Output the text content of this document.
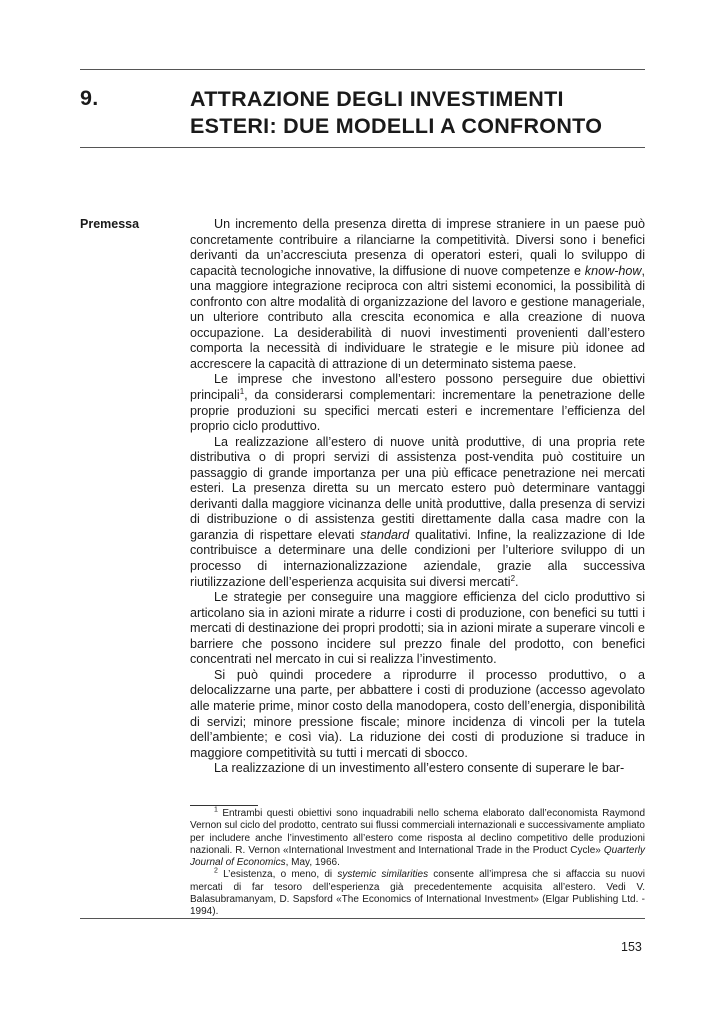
9.	ATTRAZIONE DEGLI INVESTIMENTI
ESTERI: DUE MODELLI A CONFRONTO
Premessa	Un incremento della presenza diretta di imprese straniere in un paese può concretamente contribuire a rilanciarne la competitività. Diversi sono i benefici derivanti da un’accresciuta presenza di operatori esteri, quali lo sviluppo di capacità tecnologiche innovative, la diffusione di nuove competenze e know-how, una maggiore integrazione reciproca con altri sistemi economici, la possibilità di confronto con altre modalità di organizzazione del lavoro e gestione manageriale, un ulteriore contributo alla crescita economica e alla creazione di nuova occupazione. La desiderabilità di nuovi investimenti provenienti dall’estero comporta la necessità di individuare le strategie e le misure più idonee ad accrescere la capacità di attrazione di un determinato sistema paese.

Le imprese che investono all’estero possono perseguire due obiettivi principali$^1$, da considerarsi complementari: incrementare la penetrazione delle proprie produzioni su specifici mercati esteri e incrementare l’efficienza del proprio ciclo produttivo.

La realizzazione all’estero di nuove unità produttive, di una propria rete distributiva o di propri servizi di assistenza post-vendita può costituire un passaggio di grande importanza per una più efficace penetrazione nei mercati esteri. La presenza diretta su un mercato estero può determinare vantaggi derivanti dalla maggiore vicinanza delle unità produttive, dalla presenza di servizi di distribuzione o di assistenza gestiti direttamente dalla casa madre con la garanzia di rispettare elevati standard qualitativi. Infine, la realizzazione di Ide contribuisce a determinare una delle condizioni per l’ulteriore sviluppo di un processo di internazionalizzazione aziendale, grazie alla successiva riutilizzazione dell’esperienza acquisita sui diversi mercati$^2$.

Le strategie per conseguire una maggiore efficienza del ciclo produttivo si articolano sia in azioni mirate a ridurre i costi di produzione, con benefici su tutti i mercati di destinazione dei propri prodotti; sia in azioni mirate a superare vincoli e barriere che possono incidere sul prezzo finale del prodotto, con benefici concentrati nel mercato in cui si realizza l’investimento.

Si può quindi procedere a riprodurre il processo produttivo, o a delocalizzarne una parte, per abbattere i costi di produzione (accesso agevolato alle materie prime, minor costo della manodopera, costo dell’energia, disponibilità di servizi; minore pressione fiscale; minore incidenza di vincoli per la tutela dell’ambiente; e così via). La riduzione dei costi di produzione si traduce in maggiore competitività su tutti i mercati di sbocco.

La realizzazione di un investimento all’estero consente di superare le bar-

$^1$ Entrambi questi obiettivi sono inquadrabili nello schema elaborato dall’economista Raymond Vernon sul ciclo del prodotto, centrato sui flussi commerciali internazionali e successivamente ampliato per includere anche l’investimento all’estero come risposta al declino competitivo delle produzioni nazionali. R. Vernon «International Investment and International Trade in the Product Cycle» Quarterly Journal of Economics, May, 1966.

$^2$ L’esistenza, o meno, di systemic similarities consente all’impresa che si affaccia su nuovi mercati di far tesoro dell’esperienza già precedentemente acquisita all’estero. Vedi V. Balasubramanyam, D. Sapsford «The Economics of International Investment» (Elgar Publishing Ltd. - 1994).

153
